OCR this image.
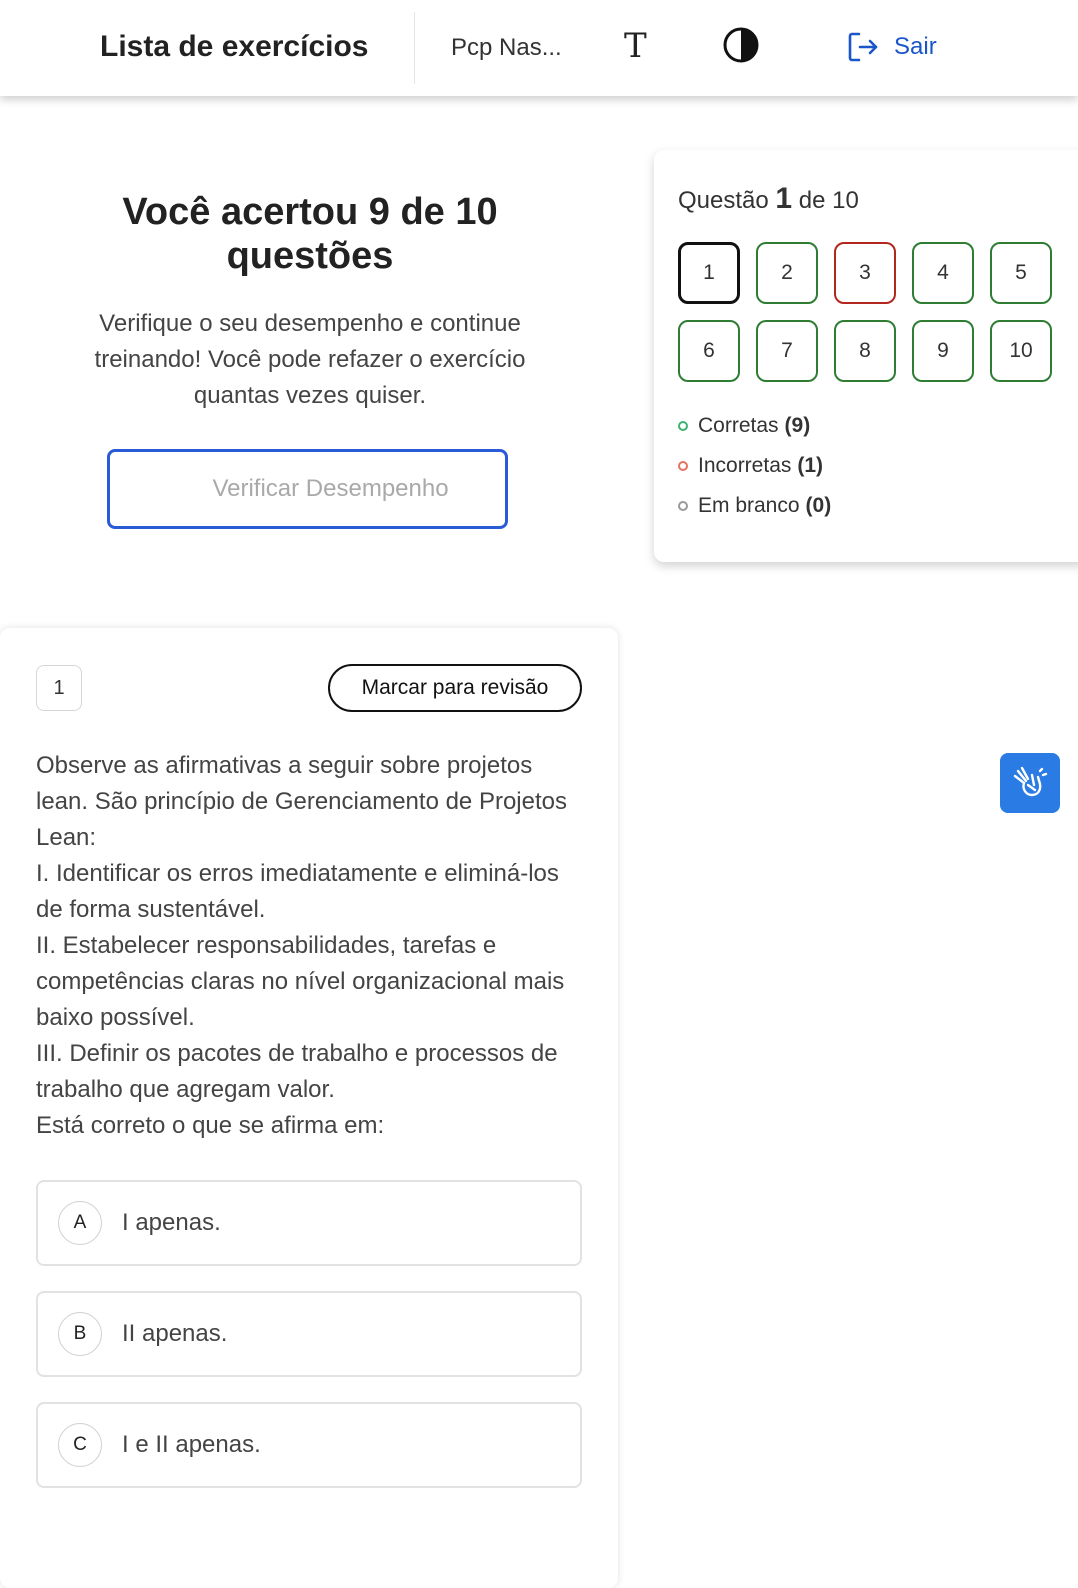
Lista de exercícios	Pcp Nas... T	Sair
Você acertou 9 de 10 questões
Verifique o seu desempenho e continue treinando! Você pode refazer o exercício quantas vezes quiser.
Verificar Desempenho
Questão 1 de 10
1	2	3	4	5
6	7	8	9	10
Corretas (9)
Incorretas (1)
Em branco (0)
1	Marcar para revisão
Observe as afirmativas a seguir sobre projetos lean. São princípio de Gerenciamento de Projetos Lean:
I. Identificar os erros imediatamente e eliminá-los de forma sustentável.
II. Estabelecer responsabilidades, tarefas e competências claras no nível organizacional mais baixo possível.
III. Definir os pacotes de trabalho e processos de trabalho que agregam valor.
Está correto o que se afirma em:
A	I apenas.
B	II apenas.
C	I e II apenas.
